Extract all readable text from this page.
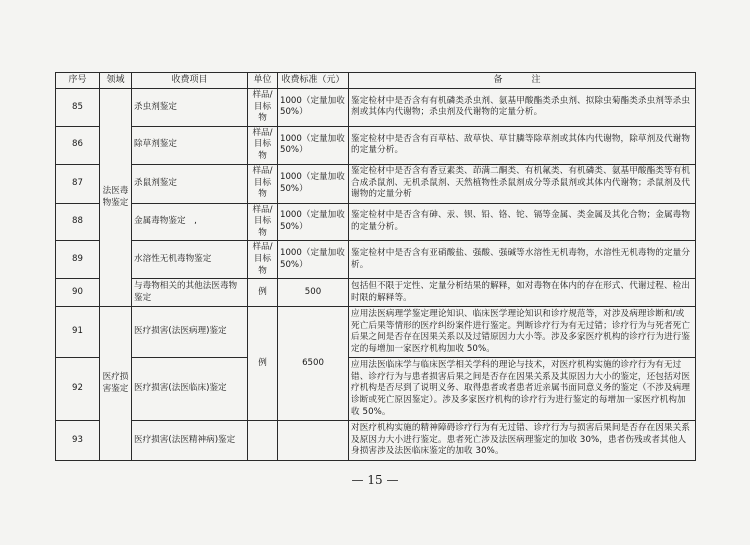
序号	领域	收费项目	单位	收费标准（元）	备　注
85	法医毒物鉴定	杀虫剂鉴定	样品/目标物	1000（定量加收 50%）	鉴定检材中是否含有有机磷类杀虫剂、氨基甲酸酯类杀虫剂、拟除虫菊酯类杀虫剂等杀虫剂或其体内代谢物；杀虫剂及代谢物的定量分析。
86		除草剂鉴定	样品/目标物	1000（定量加收 50%）	鉴定检材中是否含有百草枯、敌草快、草甘膦等除草剂或其体内代谢物，除草剂及代谢物的定量分析。
87		杀鼠剂鉴定	样品/目标物	1000（定量加收 50%）	鉴定检材中是否含有香豆素类、茚满二酮类、有机氟类、有机磷类、氨基甲酸酯类等有机合成杀鼠剂、无机杀鼠剂、天然植物性杀鼠剂成分等杀鼠剂或其体内代谢物；杀鼠剂及代谢物的定量分析
88		金属毒物鉴定　,	样品/目标物	1000（定量加收 50%）	鉴定检材中是否含有砷、汞、钡、铅、铬、铊、镉等金属、类金属及其化合物；金属毒物的定量分析。
89		水溶性无机毒物鉴定	样品/目标物	1000（定量加收 50%）	鉴定检材中是否含有亚硝酸盐、强酸、强碱等水溶性无机毒物，水溶性无机毒物的定量分析。
90		与毒物相关的其他法医毒物鉴定	例	500	包括但不限于定性、定量分析结果的解释，如对毒物在体内的存在形式、代谢过程、检出时限的解释等。
91	医疗损害鉴定	医疗损害(法医病理)鉴定	例	6500	应用法医病理学鉴定理论知识、临床医学理论知识和诊疗规范等，对涉及病理诊断和/或死亡后果等情形的医疗纠纷案件进行鉴定。判断诊疗行为有无过错；诊疗行为与死者死亡后果之间是否存在因果关系以及过错原因力大小等。涉及多家医疗机构的诊疗行为进行鉴定的每增加一家医疗机构加收 50%。
92		医疗损害(法医临床)鉴定			应用法医临床学与临床医学相关学科的理论与技术，对医疗机构实施的诊疗行为有无过错、诊疗行为与患者损害后果之间是否存在因果关系及其原因力大小的鉴定，还包括对医疗机构是否尽到了说明义务、取得患者或者患者近亲属书面同意义务的鉴定（不涉及病理诊断或死亡原因鉴定）。涉及多家医疗机构的诊疗行为进行鉴定的每增加一家医疗机构加收 50%。
93		医疗损害(法医精神病)鉴定			对医疗机构实施的精神障碍诊疗行为有无过错、诊疗行为与损害后果间是否存在因果关系及原因力大小进行鉴定。患者死亡涉及法医病理鉴定的加收 30%，患者伤残或者其他人身损害涉及法医临床鉴定的加收 30%。
— 15 —
